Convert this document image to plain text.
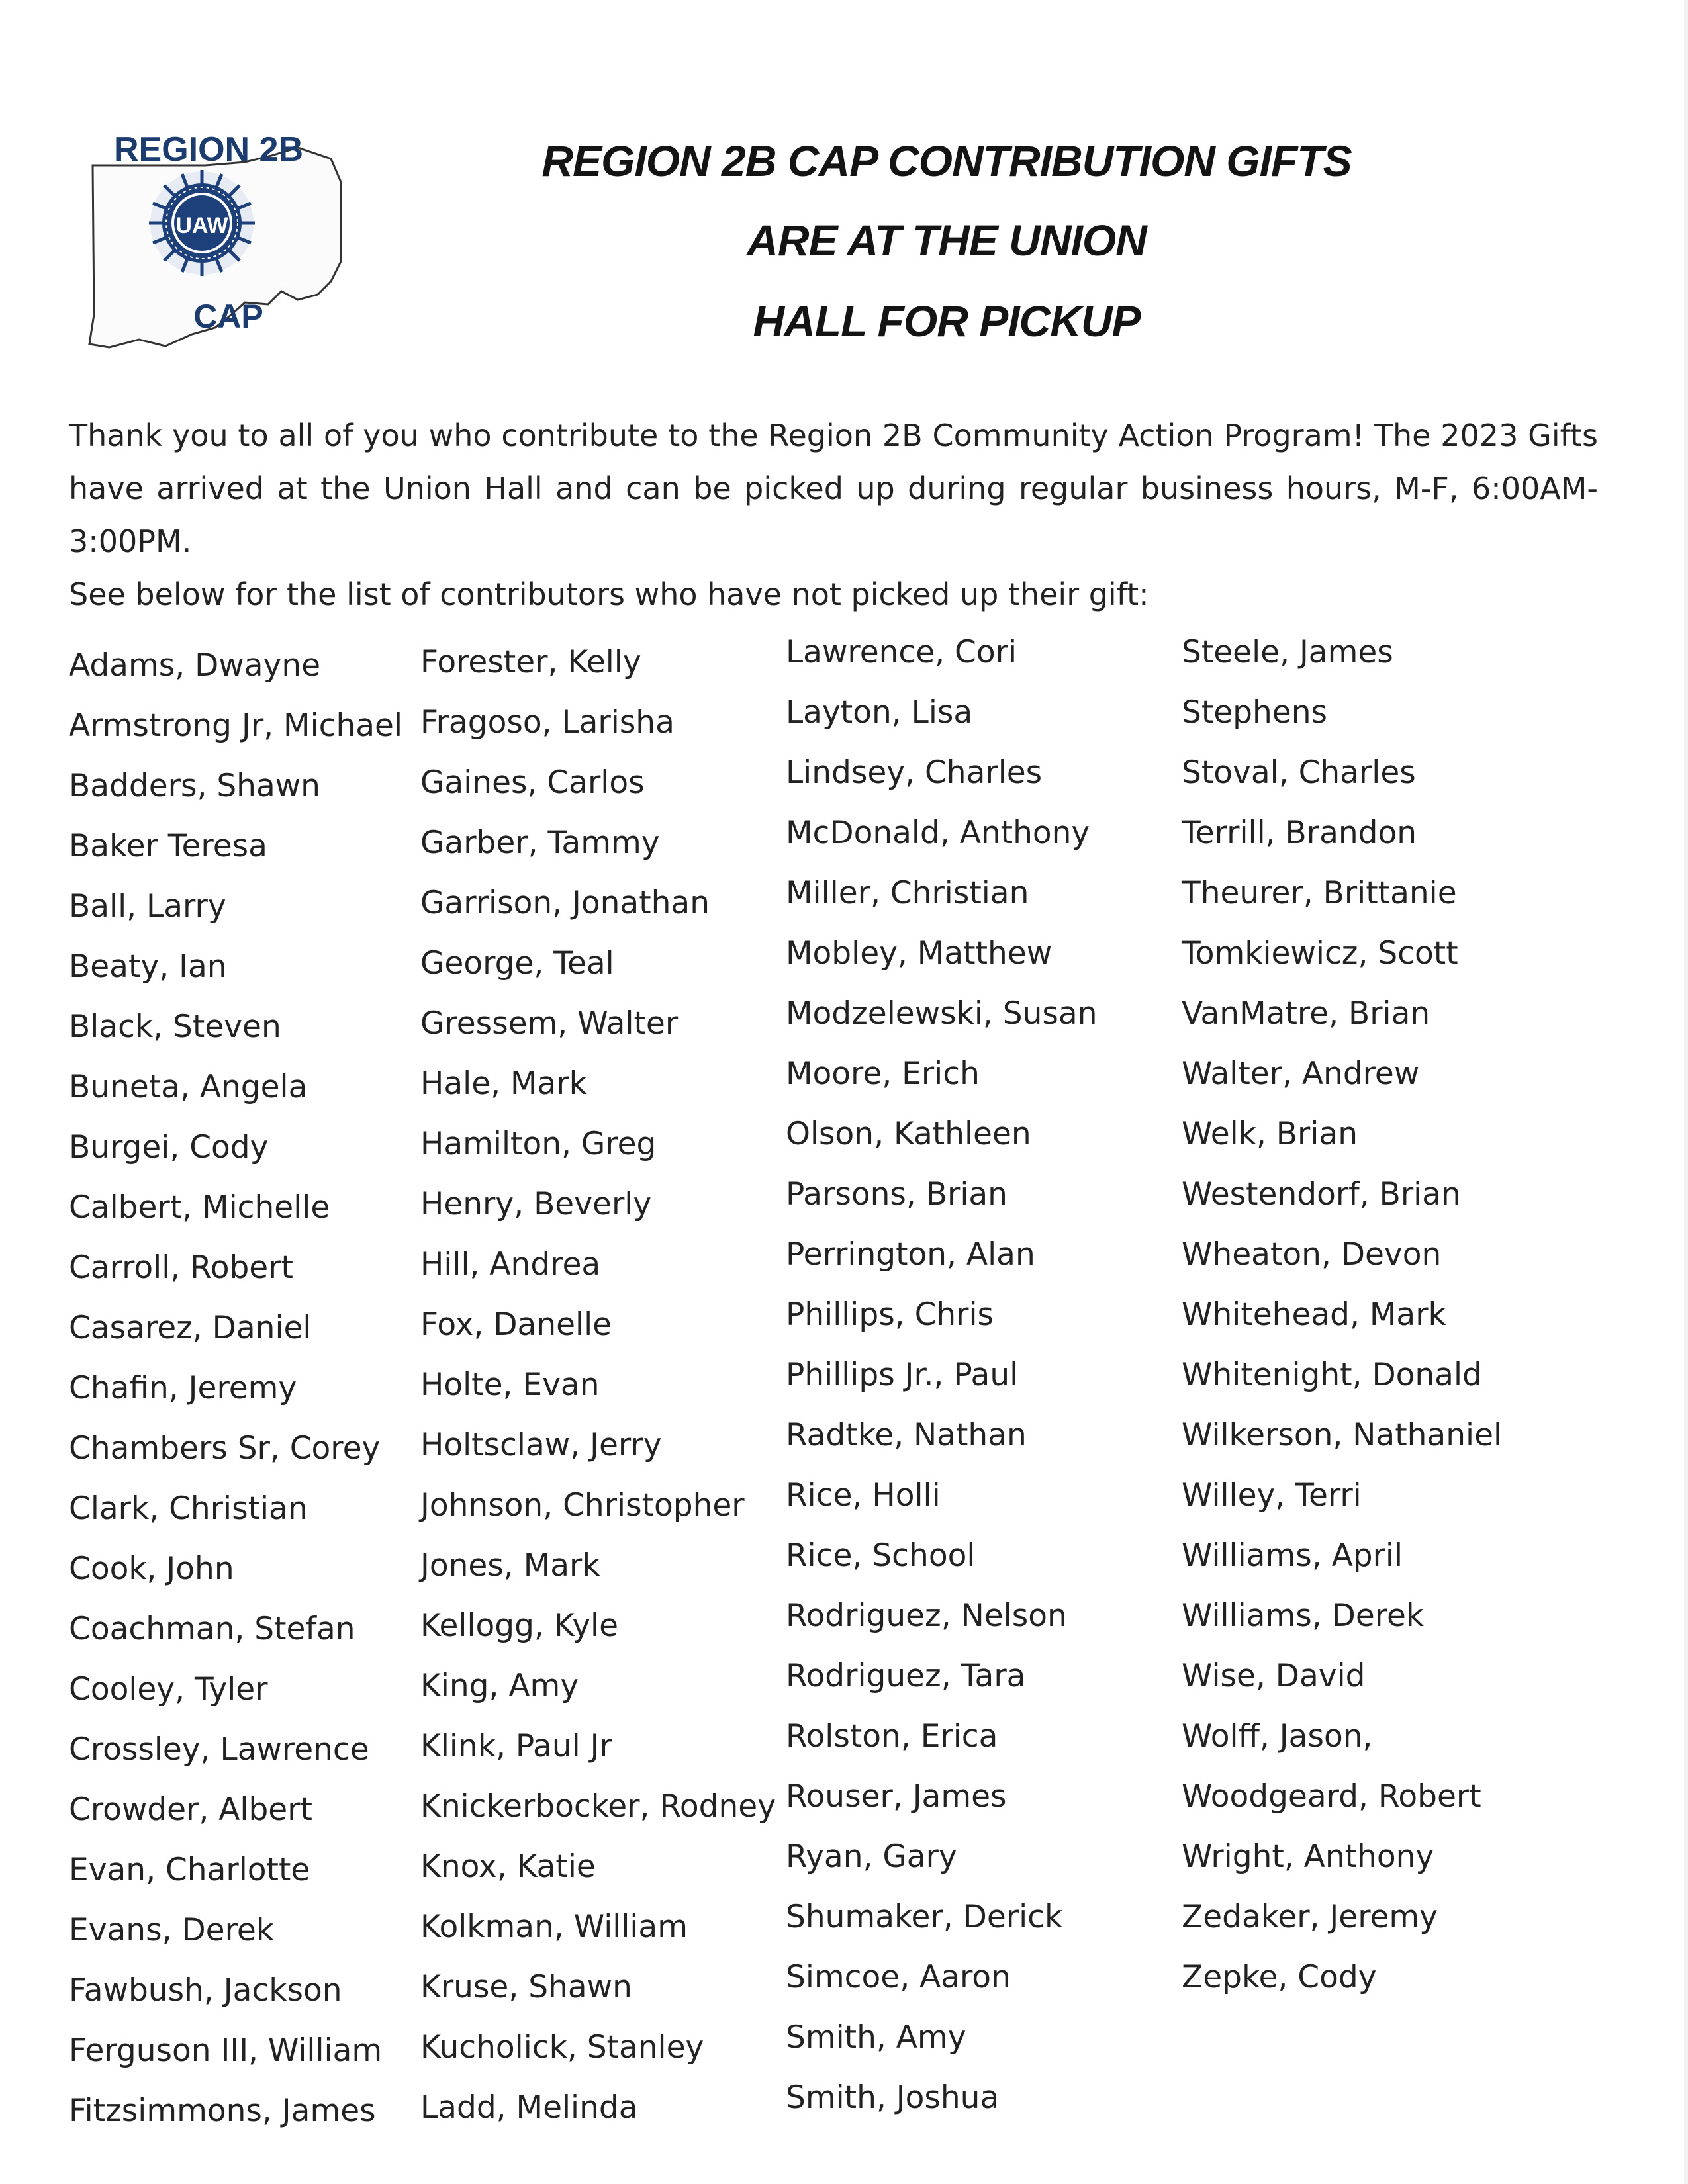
UAW
REGION 2B
CAP
REGION 2B CAP CONTRIBUTION GIFTS
ARE AT THE UNION
HALL FOR PICKUP

Thank you to all of you who contribute to the Region 2B Community Action Program! The 2023 Gifts

have arrived at the Union Hall and can be picked up during regular business hours, M-F, 6:00AM-3:00PM.

See below for the list of contributors who have not picked up their gift:

Adams, Dwayne
Armstrong Jr, Michael
Badders, Shawn
Baker Teresa
Ball, Larry
Beaty, Ian
Black, Steven
Buneta, Angela
Burgei, Cody
Calbert, Michelle
Carroll, Robert
Casarez, Daniel
Chafin, Jeremy
Chambers Sr, Corey
Clark, Christian
Cook, John
Coachman, Stefan
Cooley, Tyler
Crossley, Lawrence
Crowder, Albert
Evan, Charlotte
Evans, Derek
Fawbush, Jackson
Ferguson III, William
Fitzsimmons, James
Forester, Kelly
Fragoso, Larisha
Gaines, Carlos
Garber, Tammy
Garrison, Jonathan
George, Teal
Gressem, Walter
Hale, Mark
Hamilton, Greg
Henry, Beverly
Hill, Andrea
Fox, Danelle
Holte, Evan
Holtsclaw, Jerry
Johnson, Christopher
Jones, Mark
Kellogg, Kyle
King, Amy
Klink, Paul Jr
Knickerbocker, Rodney
Knox, Katie
Kolkman, William
Kruse, Shawn
Kucholick, Stanley
Ladd, Melinda
Lawrence, Cori
Layton, Lisa
Lindsey, Charles
McDonald, Anthony
Miller, Christian
Mobley, Matthew
Modzelewski, Susan
Moore, Erich
Olson, Kathleen
Parsons, Brian
Perrington, Alan
Phillips, Chris
Phillips Jr., Paul
Radtke, Nathan
Rice, Holli
Rice, School
Rodriguez, Nelson
Rodriguez, Tara
Rolston, Erica
Rouser, James
Ryan, Gary
Shumaker, Derick
Simcoe, Aaron
Smith, Amy
Smith, Joshua
Steele, James
Stephens
Stoval, Charles
Terrill, Brandon
Theurer, Brittanie
Tomkiewicz, Scott
VanMatre, Brian
Walter, Andrew
Welk, Brian
Westendorf, Brian
Wheaton, Devon
Whitehead, Mark
Whitenight, Donald
Wilkerson, Nathaniel
Willey, Terri
Williams, April
Williams, Derek
Wise, David
Wolff, Jason,
Woodgeard, Robert
Wright, Anthony
Zedaker, Jeremy
Zepke, Cody
